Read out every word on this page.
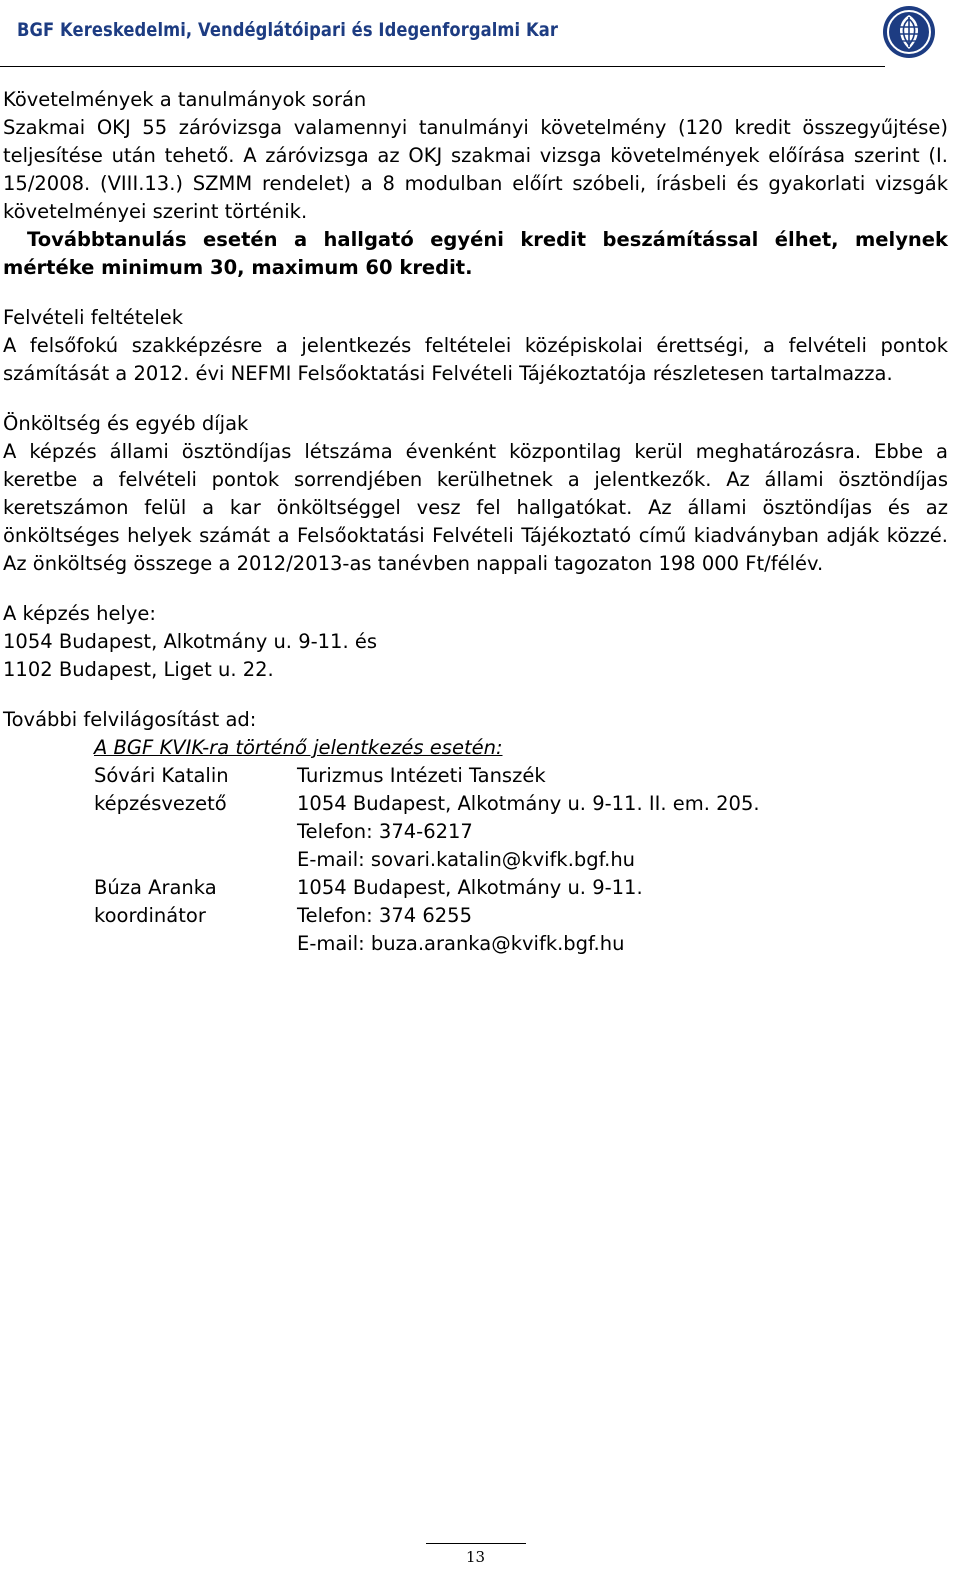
BGF Kereskedelmi, Vendéglátóipari és Idegenforgalmi Kar
Követelmények a tanulmányok során
Szakmai OKJ 55 záróvizsga valamennyi tanulmányi követelmény (120 kredit összegyűjtése) teljesítése után tehető. A záróvizsga az OKJ szakmai vizsga követelmények előírása szerint (I. 15/2008. (VIII.13.) SZMM rendelet) a 8 modulban előírt szóbeli, írásbeli és gyakorlati vizsgák követelményei szerint történik.
Továbbtanulás esetén a hallgató egyéni kredit beszámítással élhet, melynek mértéke minimum 30, maximum 60 kredit.
Felvételi feltételek
A felsőfokú szakképzésre a jelentkezés feltételei középiskolai érettségi, a felvételi pontok számítását a 2012. évi NEFMI Felsőoktatási Felvételi Tájékoztatója részletesen tartalmazza.
Önköltség és egyéb díjak
A képzés állami ösztöndíjas létszáma évenként központilag kerül meghatározásra. Ebbe a keretbe a felvételi pontok sorrendjében kerülhetnek a jelentkezők. Az állami ösztöndíjas keretszámon felül a kar önköltséggel vesz fel hallgatókat. Az állami ösztöndíjas és az önköltséges helyek számát a Felsőoktatási Felvételi Tájékoztató című kiadványban adják közzé. Az önköltség összege a 2012/2013-as tanévben nappali tagozaton 198 000 Ft/félév.
A képzés helye:
1054 Budapest, Alkotmány u. 9-11. és
1102 Budapest, Liget u. 22.
További felvilágosítást ad:
A BGF KVIK-ra történő jelentkezés esetén:
Sóvári Katalin	Turizmus Intézeti Tanszék
képzésvezető	1054 Budapest, Alkotmány u. 9-11. II. em. 205.
Telefon: 374-6217
E-mail: sovari.katalin@kvifk.bgf.hu
Búza Aranka	1054 Budapest, Alkotmány u. 9-11.
koordinátor	Telefon: 374 6255
E-mail: buza.aranka@kvifk.bgf.hu
13
